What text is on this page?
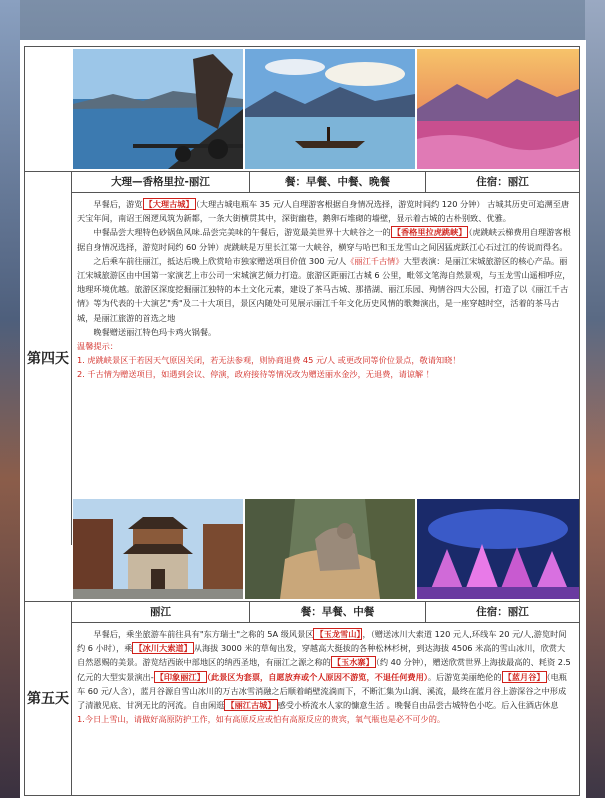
第四天
大理—香格里拉-丽江	餐：早餐、中餐、晚餐	住宿：丽江

早餐后，游览 【大理古城】 （大理古城电瓶车 35 元/人自理游客根据自身情况选择，游览时间约 120 分钟） 古城其历史可追溯至唐天宝年间，南诏王阁逻凤筑为新都，一条大街横贯其中，深街幽巷，鹅卵石堆砌的墙壁，显示着古城的古朴别致、优雅。

中餐品尝大理特色砂锅鱼风味.品尝完美味的午餐后，游览最美世界十大峡谷之一的 【香格里拉虎跳峡】 （虎跳峡云梯费用自理游客根据自身情况选择，游览时间约 60 分钟）虎跳峡是万里长江第一大峡谷，横穿与哈巴和玉龙雪山之间因猛虎跃江心石过江的传说而得名。

之后乘车前往丽江，抵达后晚上欣赏哈市独家赠送项目价值 300 元/人《丽江千古情》大型表演：是丽江宋城旅游区的核心产品。丽江宋城旅游区由中国第一家演艺上市公司一宋城演艺倾力打造。旅游区距丽江古城 6 公里，毗邻文笔海自然景观，与玉龙雪山遥相呼应，地理环境优越。旅游区深度挖掘丽江独特的本土文化元素，建设了茶马古城、那措湖、丽江乐园、殉情谷四大公园，打造了以《丽江千古情》等为代表的十大演艺"秀"及二十大项目，景区内随处可见展示丽江千年文化历史风情的歌舞演出，是一座穿越时空，活着的茶马古城，是丽江旅游的首选之地

晚餐赠送丽江特色玛卡鸡火锅餐。

温馨提示：

1. 虎跳峡景区于若因天气原因关闭，若无法参观，则协商退费 45 元/人 或更改同等价位景点，敬请知晓！

2. 千古情为赠送项目，如遇到会议、停演，政府接待等情况改为赠送丽水金沙，无退费，请谅解 ！

第五天
丽江	餐：早餐、中餐	住宿：丽江

早餐后，乘坐旅游车前往具有"东方瑞士"之称的 5A 级风景区 【玉龙雪山】 ，（赠送冰川大索道 120 元人,环线车 20 元/人,游览时间约 6 小时），乘 【冰川大索道】 从海拔 3000 米的草甸出发，穿越高大挺拔的各种松林杉树，到达海拔 4506 米高的雪山冰川，欣赏大自然恩赐的美景。游览结西嵌中部地区的纳西圣地，有丽江之源之称的 【玉水寨】 （约 40 分钟），赠送欣赏世界上海拔最高的、耗资 2.5 亿元的大型实景演出- 【印象丽江】 （此景区为套票，自愿放弃或个人原因不游览，不退任何费用）。后游览美丽绝伦的 【蓝月谷】 （电瓶车 60 元/人含），蓝月谷源自雪山冰川的万古冰雪消融之后顺着峭壁流淌而下，不断汇集为山涧、溪流，最终在蓝月谷上游深谷之中形成了清澈见底、甘冽无比的河流。自由闲逛 【丽江古城】 感受小桥流水人家的慷意生活 。晚餐自由品尝古城特色小吃。后入住酒店休息

1.今日上雪山，请做好高原防护工作，如有高原反应或怕有高原反应的贵宾，氧气瓶也是必不可少的。
